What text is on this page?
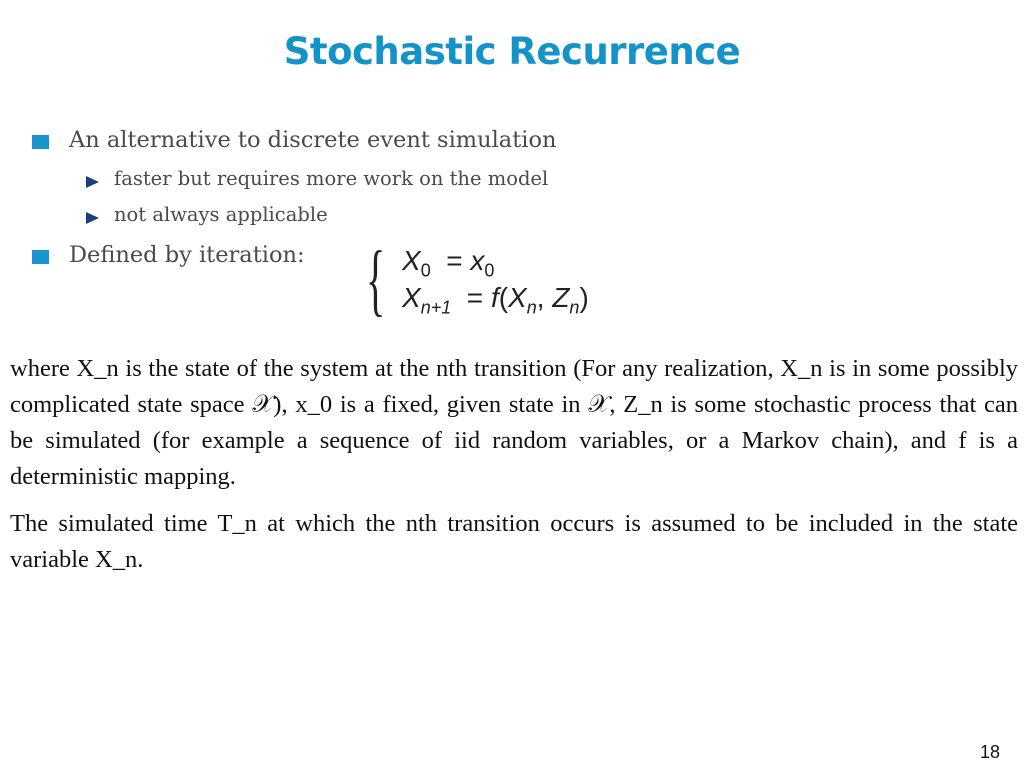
Stochastic Recurrence
An alternative to discrete event simulation
faster but requires more work on the model
not always applicable
Defined by iteration: { $X_0 = x_0$
$X_{n+1} = f(X_n$, $Z_n$)
where X_n is the state of the system at the nth transition (For any realization, X_n is in some possibly complicated state space 𝒳), x_0 is a fixed, given state in 𝒳, Z_n is some stochastic process that can be simulated (for example a sequence of iid random variables, or a Markov chain), and f is a deterministic mapping.
The simulated time T_n at which the nth transition occurs is assumed to be included in the state variable X_n.
18
